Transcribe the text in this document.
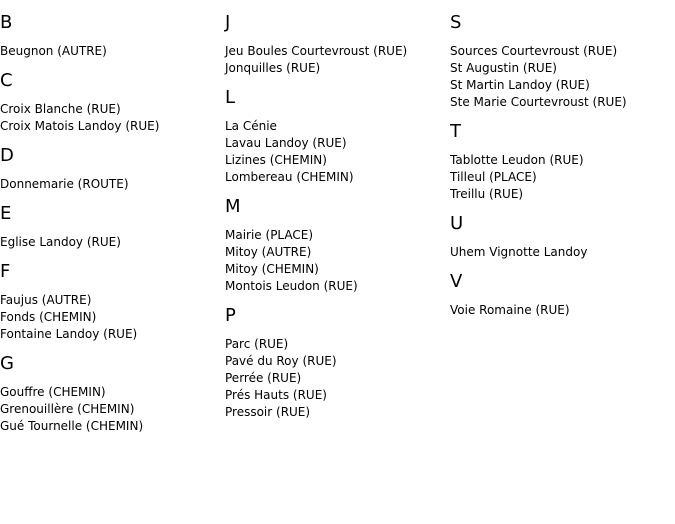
B
Beugnon (AUTRE)
C
Croix Blanche (RUE)
Croix Matois Landoy (RUE)
D
Donnemarie (ROUTE)
E
Eglise Landoy (RUE)
F
Faujus (AUTRE)
Fonds (CHEMIN)
Fontaine Landoy (RUE)
G
Gouffre (CHEMIN)
Grenouillère (CHEMIN)
Gué Tournelle (CHEMIN)
J
Jeu Boules Courtevroust (RUE)
Jonquilles (RUE)
L
La Cénie
Lavau Landoy (RUE)
Lizines (CHEMIN)
Lombereau (CHEMIN)
M
Mairie (PLACE)
Mitoy (AUTRE)
Mitoy (CHEMIN)
Montois Leudon (RUE)
P
Parc (RUE)
Pavé du Roy (RUE)
Perrée (RUE)
Prés Hauts (RUE)
Pressoir (RUE)
S
Sources Courtevroust (RUE)
St Augustin (RUE)
St Martin Landoy (RUE)
Ste Marie Courtevroust (RUE)
T
Tablotte Leudon (RUE)
Tilleul (PLACE)
Treillu (RUE)
U
Uhem Vignotte Landoy
V
Voie Romaine (RUE)
